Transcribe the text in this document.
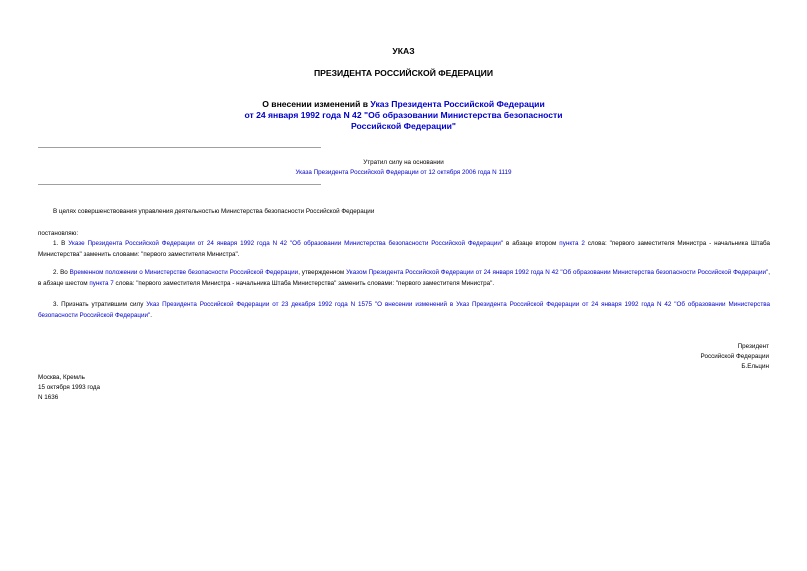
УКАЗ
ПРЕЗИДЕНТА РОССИЙСКОЙ ФЕДЕРАЦИИ
О внесении изменений в Указ Президента Российской Федерации
от 24 января 1992 года N 42 "Об образовании Министерства безопасности
Российской Федерации"
Утратил силу на основании
Указа Президента Российской Федерации от 12 октября 2006 года N 1119
В целях совершенствования управления деятельностью Министерства безопасности Российской Федерации
постановляю:
1. В Указе Президента Российской Федерации от 24 января 1992 года N 42 "Об образовании Министерства безопасности Российской Федерации" в абзаце втором пункта 2 слова: "первого заместителя Министра - начальника Штаба Министерства" заменить словами: "первого заместителя Министра".
2. Во Временном положении о Министерстве безопасности Российской Федерации, утвержденном Указом Президента Российской Федерации от 24 января 1992 года N 42 "Об образовании Министерства безопасности Российской Федерации", в абзаце шестом пункта 7 слова: "первого заместителя Министра - начальника Штаба Министерства" заменить словами: "первого заместителя Министра".
3. Признать утратившим силу Указ Президента Российской Федерации от 23 декабря 1992 года N 1575 "О внесении изменений в Указ Президента Российской Федерации от 24 января 1992 года N 42 "Об образовании Министерства безопасности Российской Федерации".
Президент
Российской Федерации
Б.Ельцин
Москва, Кремль
15 октября 1993 года
N 1636
